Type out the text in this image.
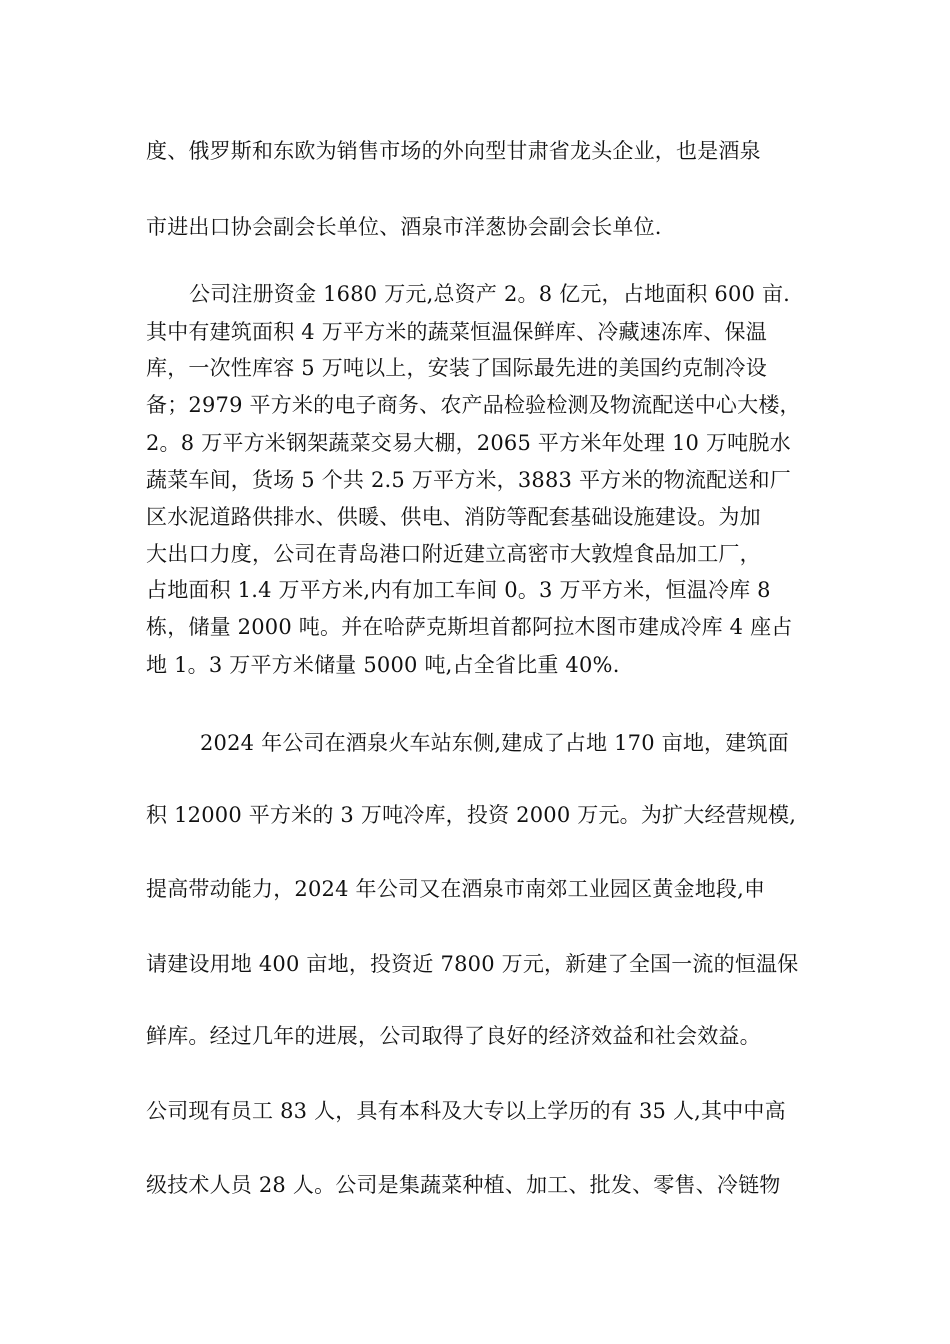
度、俄罗斯和东欧为销售市场的外向型甘肃省龙头企业，也是酒泉
市进出口协会副会长单位、酒泉市洋葱协会副会长单位.
公司注册资金 1680 万元,总资产 2。8 亿元，占地面积 600 亩.
其中有建筑面积 4 万平方米的蔬菜恒温保鲜库、冷藏速冻库、保温
库，一次性库容 5 万吨以上，安装了国际最先进的美国约克制冷设
备；2979 平方米的电子商务、农产品检验检测及物流配送中心大楼，
2。8 万平方米钢架蔬菜交易大棚，2065 平方米年处理 10 万吨脱水
蔬菜车间，货场 5 个共 2.5 万平方米，3883 平方米的物流配送和厂
区水泥道路供排水、供暖、供电、消防等配套基础设施建设。为加
大出口力度，公司在青岛港口附近建立高密市大敦煌食品加工厂，
占地面积 1.4 万平方米,内有加工车间 0。3 万平方米，恒温冷库 8
栋，储量 2000 吨。并在哈萨克斯坦首都阿拉木图市建成冷库 4 座占
地 1。3 万平方米储量 5000 吨,占全省比重 40%.
2024 年公司在酒泉火车站东侧,建成了占地 170 亩地，建筑面
积 12000 平方米的 3 万吨冷库，投资 2000 万元。为扩大经营规模,
提高带动能力，2024 年公司又在酒泉市南郊工业园区黄金地段,申
请建设用地 400 亩地，投资近 7800 万元，新建了全国一流的恒温保
鲜库。经过几年的进展，公司取得了良好的经济效益和社会效益。
公司现有员工 83 人，具有本科及大专以上学历的有 35 人,其中中高
级技术人员 28 人。公司是集蔬菜种植、加工、批发、零售、冷链物
